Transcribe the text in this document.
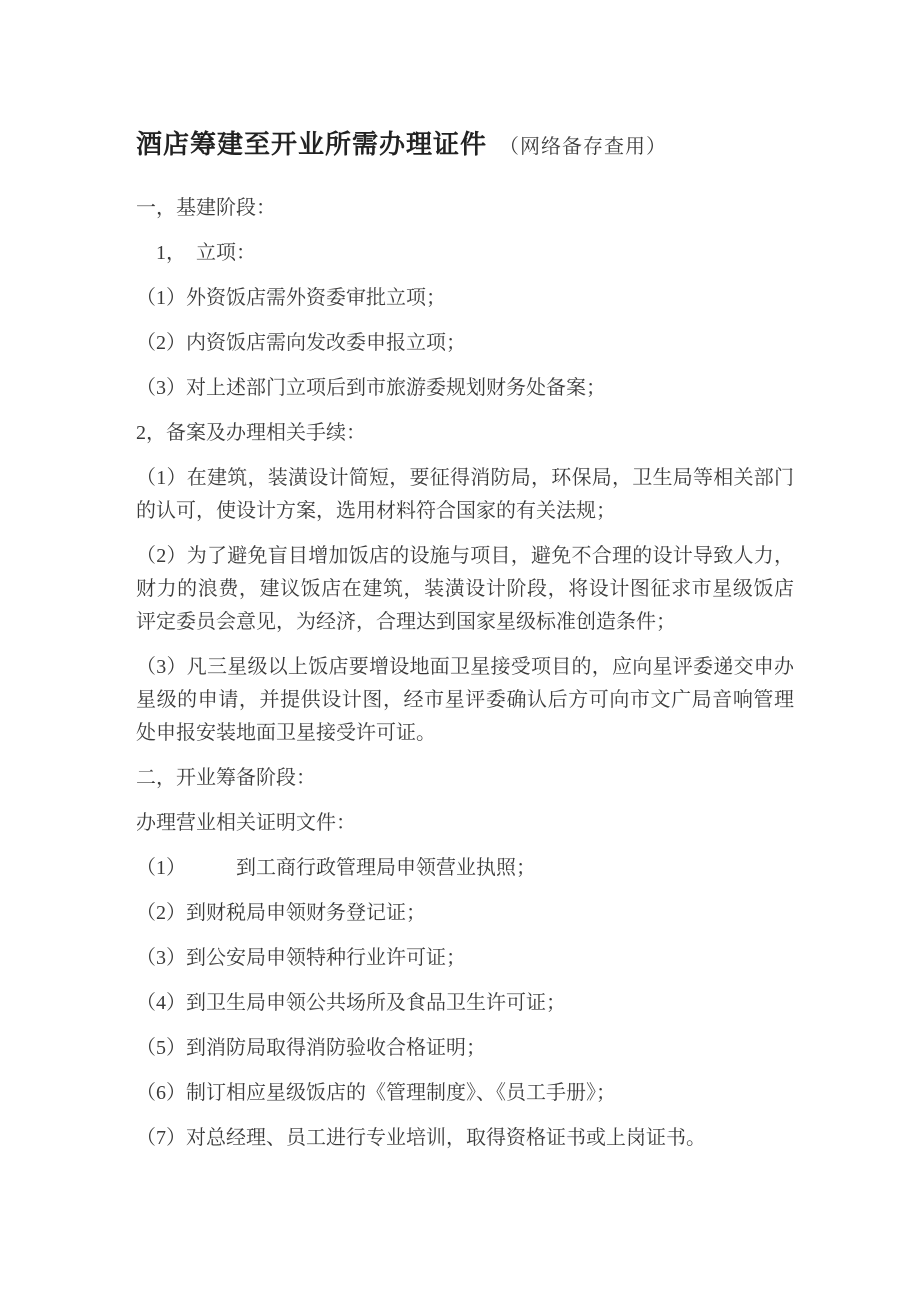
酒店筹建至开业所需办理证件 （网络备存查用）

一，基建阶段：

　1，　立项：

（1）外资饭店需外资委审批立项；

（2）内资饭店需向发改委申报立项；

（3）对上述部门立项后到市旅游委规划财务处备案；

2，备案及办理相关手续：

（1）在建筑，装潢设计简短，要征得消防局，环保局，卫生局等相关部门的认可，使设计方案，选用材料符合国家的有关法规；

（2）为了避免盲目增加饭店的设施与项目，避免不合理的设计导致人力，财力的浪费，建议饭店在建筑，装潢设计阶段，将设计图征求市星级饭店评定委员会意见，为经济，合理达到国家星级标准创造条件；

（3）凡三星级以上饭店要增设地面卫星接受项目的，应向星评委递交申办星级的申请，并提供设计图，经市星评委确认后方可向市文广局音响管理处申报安装地面卫星接受许可证。

二，开业筹备阶段：

办理营业相关证明文件：

（1）　　　到工商行政管理局申领营业执照；

（2）到财税局申领财务登记证；

（3）到公安局申领特种行业许可证；

（4）到卫生局申领公共场所及食品卫生许可证；

（5）到消防局取得消防验收合格证明；

（6）制订相应星级饭店的《管理制度》、《员工手册》；

（7）对总经理、员工进行专业培训，取得资格证书或上岗证书。
